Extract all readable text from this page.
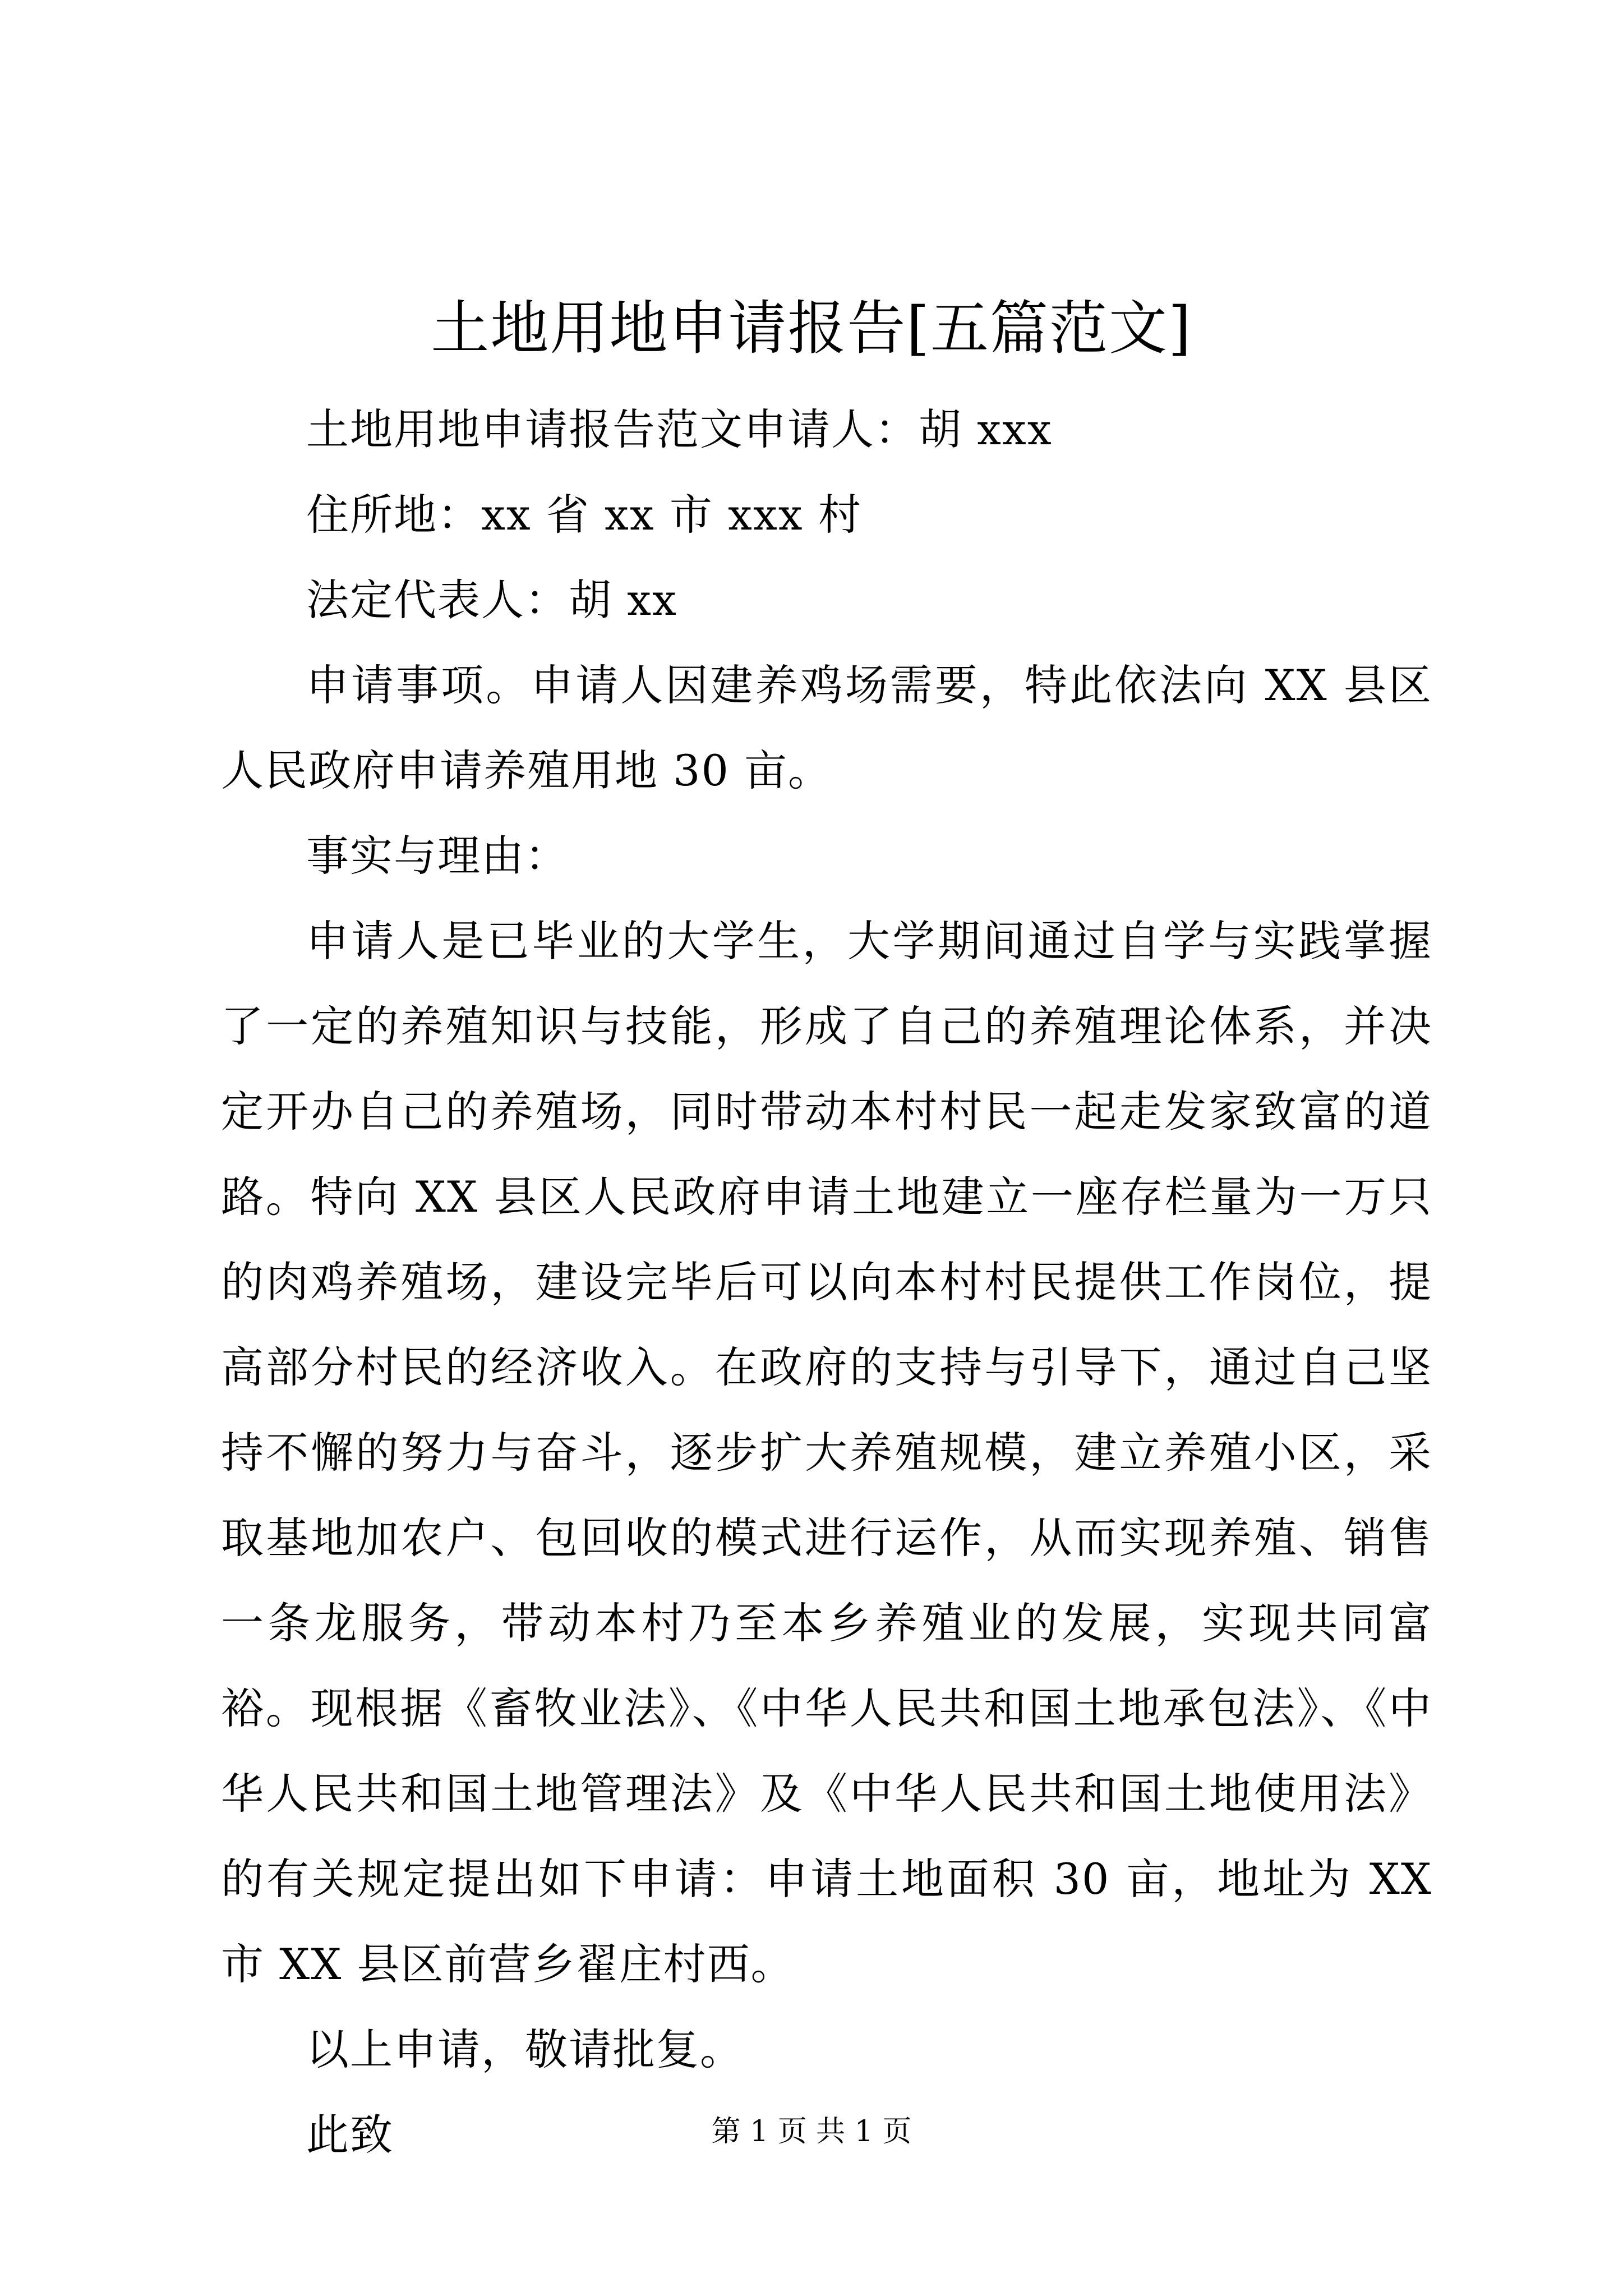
土地用地申请报告[五篇范文]

土地用地申请报告范文申请人：胡 xxx

住所地：xx 省 xx 市 xxx 村

法定代表人：胡 xx

申请事项。申请人因建养鸡场需要，特此依法向 XX 县区人民政府申请养殖用地 30 亩。

事实与理由：

申请人是已毕业的大学生，大学期间通过自学与实践掌握了一定的养殖知识与技能，形成了自己的养殖理论体系，并决定开办自己的养殖场，同时带动本村村民一起走发家致富的道路。特向 XX 县区人民政府申请土地建立一座存栏量为一万只的肉鸡养殖场，建设完毕后可以向本村村民提供工作岗位，提高部分村民的经济收入。在政府的支持与引导下，通过自己坚持不懈的努力与奋斗，逐步扩大养殖规模，建立养殖小区，采取基地加农户、包回收的模式进行运作，从而实现养殖、销售一条龙服务，带动本村乃至本乡养殖业的发展，实现共同富裕。现根据《畜牧业法》、《中华人民共和国土地承包法》、《中华人民共和国土地管理法》及《中华人民共和国土地使用法》的有关规定提出如下申请：申请土地面积 30 亩，地址为 XX 市 XX 县区前营乡翟庄村西。

以上申请，敬请批复。

此致	第 1 页 共 1 页
